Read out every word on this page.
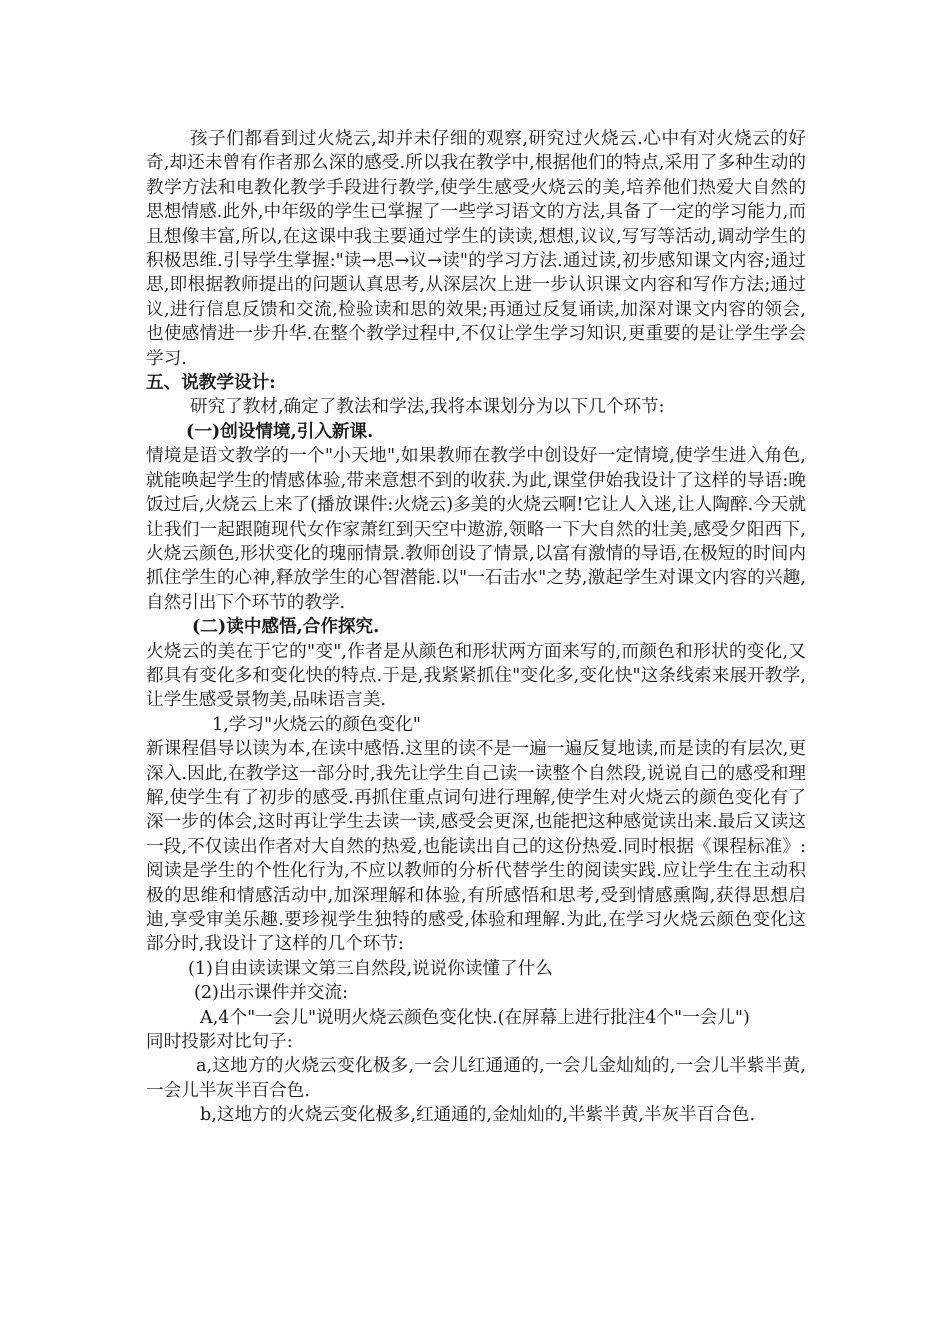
孩子们都看到过火烧云,却并未仔细的观察,研究过火烧云.心中有对火烧云的好奇,却还未曾有作者那么深的感受.所以我在教学中,根据他们的特点,采用了多种生动的教学方法和电教化教学手段进行教学,使学生感受火烧云的美,培养他们热爱大自然的思想情感.此外,中年级的学生已掌握了一些学习语文的方法,具备了一定的学习能力,而且想像丰富,所以,在这课中我主要通过学生的读读,想想,议议,写写等活动,调动学生的积极思维.引导学生掌握:"读→思→议→读"的学习方法.通过读,初步感知课文内容;通过思,即根据教师提出的问题认真思考,从深层次上进一步认识课文内容和写作方法;通过议,进行信息反馈和交流,检验读和思的效果;再通过反复诵读,加深对课文内容的领会,也使感情进一步升华.在整个教学过程中,不仅让学生学习知识,更重要的是让学生学会学习.

五、说教学设计:

研究了教材,确定了教法和学法,我将本课划分为以下几个环节:

(一)创设情境,引入新课.

情境是语文教学的一个"小天地",如果教师在教学中创设好一定情境,使学生进入角色,就能唤起学生的情感体验,带来意想不到的收获.为此,课堂伊始我设计了这样的导语:晚饭过后,火烧云上来了(播放课件:火烧云)多美的火烧云啊!它让人入迷,让人陶醉.今天就让我们一起跟随现代女作家萧红到天空中遨游,领略一下大自然的壮美,感受夕阳西下,火烧云颜色,形状变化的瑰丽情景.教师创设了情景,以富有激情的导语,在极短的时间内抓住学生的心神,释放学生的心智潜能.以"一石击水"之势,激起学生对课文内容的兴趣,自然引出下个环节的教学.

(二)读中感悟,合作探究.

火烧云的美在于它的"变",作者是从颜色和形状两方面来写的,而颜色和形状的变化,又都具有变化多和变化快的特点.于是,我紧紧抓住"变化多,变化快"这条线索来展开教学,让学生感受景物美,品味语言美.

1,学习"火烧云的颜色变化"

新课程倡导以读为本,在读中感悟.这里的读不是一遍一遍反复地读,而是读的有层次,更深入.因此,在教学这一部分时,我先让学生自己读一读整个自然段,说说自己的感受和理解,使学生有了初步的感受.再抓住重点词句进行理解,使学生对火烧云的颜色变化有了深一步的体会,这时再让学生去读一读,感受会更深,也能把这种感觉读出来.最后又读这一段,不仅读出作者对大自然的热爱,也能读出自己的这份热爱.同时根据《课程标准》:阅读是学生的个性化行为,不应以教师的分析代替学生的阅读实践.应让学生在主动积极的思维和情感活动中,加深理解和体验,有所感悟和思考,受到情感熏陶,获得思想启迪,享受审美乐趣.要珍视学生独特的感受,体验和理解.为此,在学习火烧云颜色变化这部分时,我设计了这样的几个环节:

(1)自由读读课文第三自然段,说说你读懂了什么

(2)出示课件并交流:

A,4个"一会儿"说明火烧云颜色变化快.(在屏幕上进行批注4个"一会儿")

同时投影对比句子:

a,这地方的火烧云变化极多,一会儿红通通的,一会儿金灿灿的,一会儿半紫半黄,一会儿半灰半百合色.

b,这地方的火烧云变化极多,红通通的,金灿灿的,半紫半黄,半灰半百合色.
